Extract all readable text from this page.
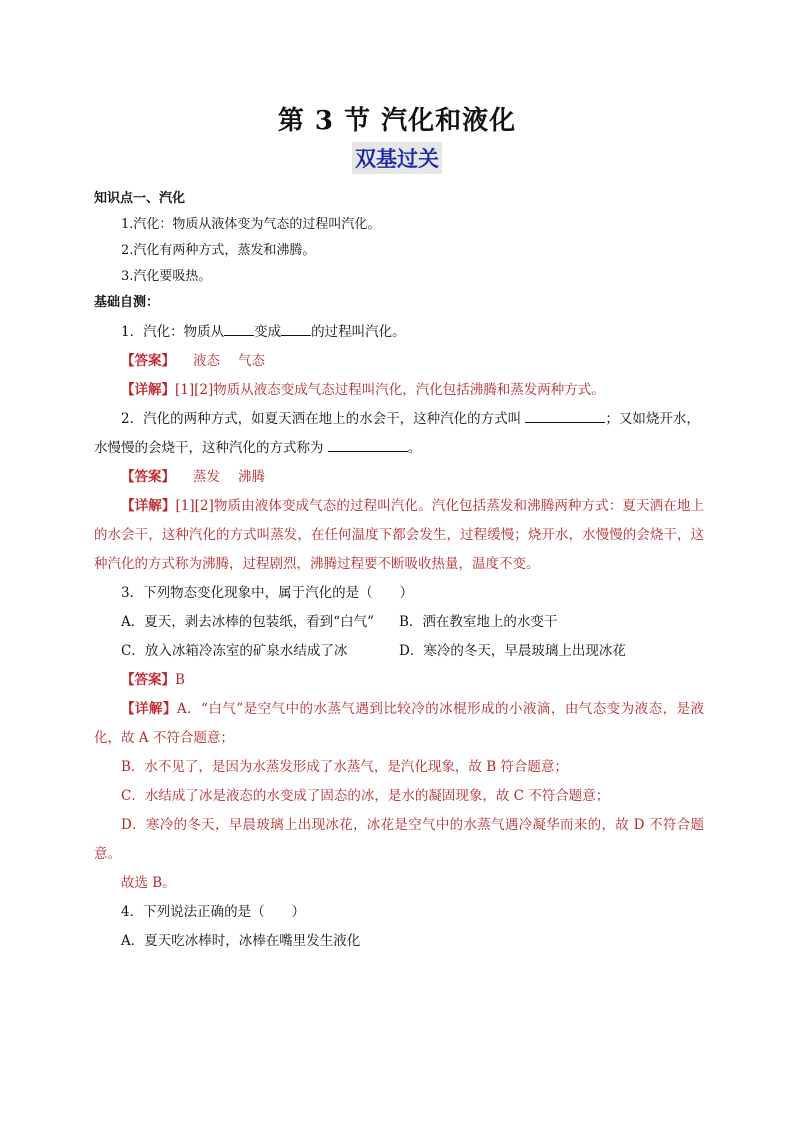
第 3 节 汽化和液化
双基过关
知识点一、汽化
1.汽化：物质从液体变为气态的过程叫汽化。
2.汽化有两种方式，蒸发和沸腾。
3.汽化要吸热。
基础自测：
1．汽化：物质从 变成 的过程叫汽化。
【答案】 液态 气态
【详解】[1][2]物质从液态变成气态过程叫汽化，汽化包括沸腾和蒸发两种方式。
2．汽化的两种方式，如夏天洒在地上的水会干，这种汽化的方式叫	；又如烧开水，
水慢慢的会烧干，这种汽化的方式称为	。
【答案】 蒸发 沸腾
【详解】[1][2]物质由液体变成气态的过程叫汽化。汽化包括蒸发和沸腾两种方式：夏天洒在地上的水会干，这种汽化的方式叫蒸发，在任何温度下都会发生，过程缓慢；烧开水，水慢慢的会烧干，这种汽化的方式称为沸腾，过程剧烈，沸腾过程要不断吸收热量，温度不变。
3．下列物态变化现象中，属于汽化的是（　　）
A．夏天，剥去冰棒的包装纸，看到“白气”	B．洒在教室地上的水变干
C．放入冰箱冷冻室的矿泉水结成了冰	D．寒冷的冬天，早晨玻璃上出现冰花
【答案】B
【详解】A．“白气”是空气中的水蒸气遇到比较冷的冰棍形成的小液滴，由气态变为液态，是液化，故 A 不符合题意；
B．水不见了，是因为水蒸发形成了水蒸气，是汽化现象，故 B 符合题意；
C．水结成了冰是液态的水变成了固态的冰，是水的凝固现象，故 C 不符合题意；
D．寒冷的冬天，早晨玻璃上出现冰花，冰花是空气中的水蒸气遇冷凝华而来的，故 D 不符合题意。
故选 B。
4．下列说法正确的是（　　）
A．夏天吃冰棒时，冰棒在嘴里发生液化
